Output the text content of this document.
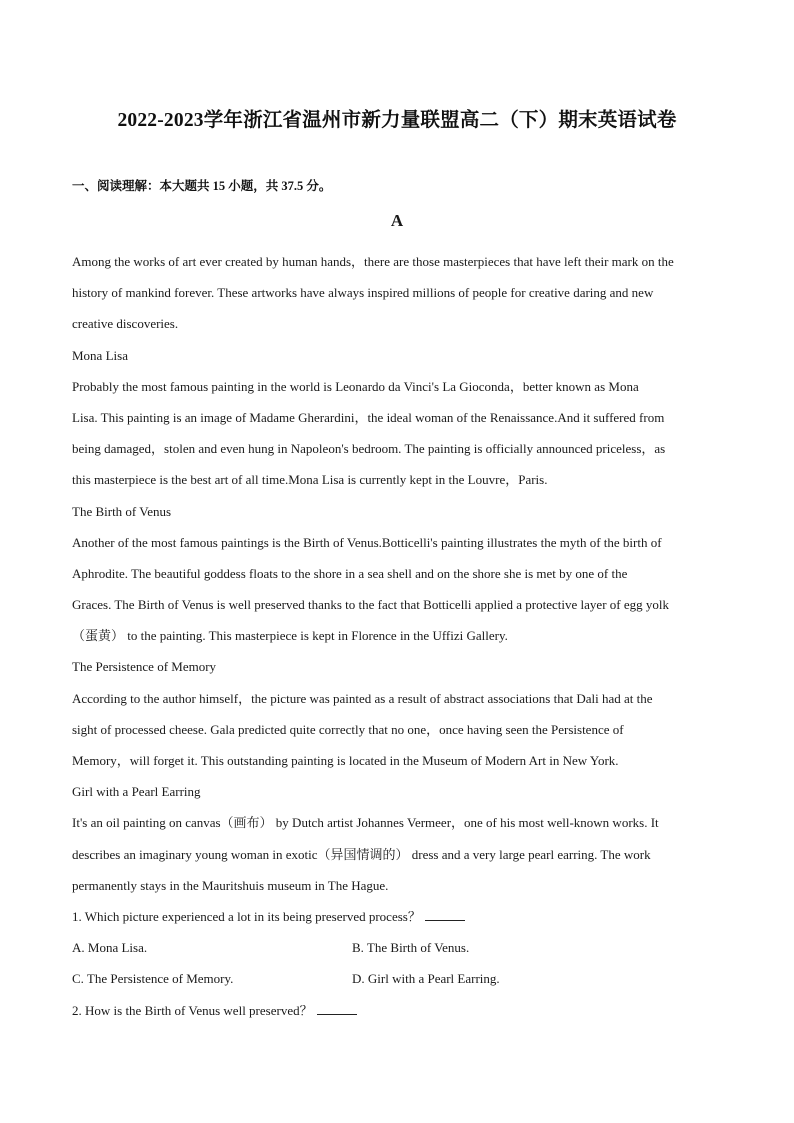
2022-2023学年浙江省温州市新力量联盟高二（下）期末英语试卷
一、阅读理解：本大题共 15 小题，共 37.5 分。
A
Among the works of art ever created by human hands，there are those masterpieces that have left their mark on the
history of mankind forever. These artworks have always inspired millions of people for creative daring and new
creative discoveries.
Mona Lisa
Probably the most famous painting in the world is Leonardo da Vinci's La Gioconda，better known as Mona
Lisa. This painting is an image of Madame Gherardini，the ideal woman of the Renaissance.And it suffered from
being damaged，stolen and even hung in Napoleon's bedroom. The painting is officially announced priceless，as
this masterpiece is the best art of all time.Mona Lisa is currently kept in the Louvre，Paris.
The Birth of Venus
Another of the most famous paintings is the Birth of Venus.Botticelli's painting illustrates the myth of the birth of
Aphrodite. The beautiful goddess floats to the shore in a sea shell and on the shore she is met by one of the
Graces. The Birth of Venus is well preserved thanks to the fact that Botticelli applied a protective layer of egg yolk
（蛋黄） to the painting. This masterpiece is kept in Florence in the Uffizi Gallery.
The Persistence of Memory
According to the author himself，the picture was painted as a result of abstract associations that Dali had at the
sight of processed cheese. Gala predicted quite correctly that no one，once having seen the Persistence of
Memory，will forget it. This outstanding painting is located in the Museum of Modern Art in New York.
Girl with a Pearl Earring
It's an oil painting on canvas（画布） by Dutch artist Johannes Vermeer，one of his most well-known works. It
describes an imaginary young woman in exotic（异国情调的） dress and a very large pearl earring. The work
permanently stays in the Mauritshuis museum in The Hague.
1. Which picture experienced a lot in its being preserved process？
A. Mona Lisa.	B. The Birth of Venus.
C. The Persistence of Memory.	D. Girl with a Pearl Earring.
2. How is the Birth of Venus well preserved？
